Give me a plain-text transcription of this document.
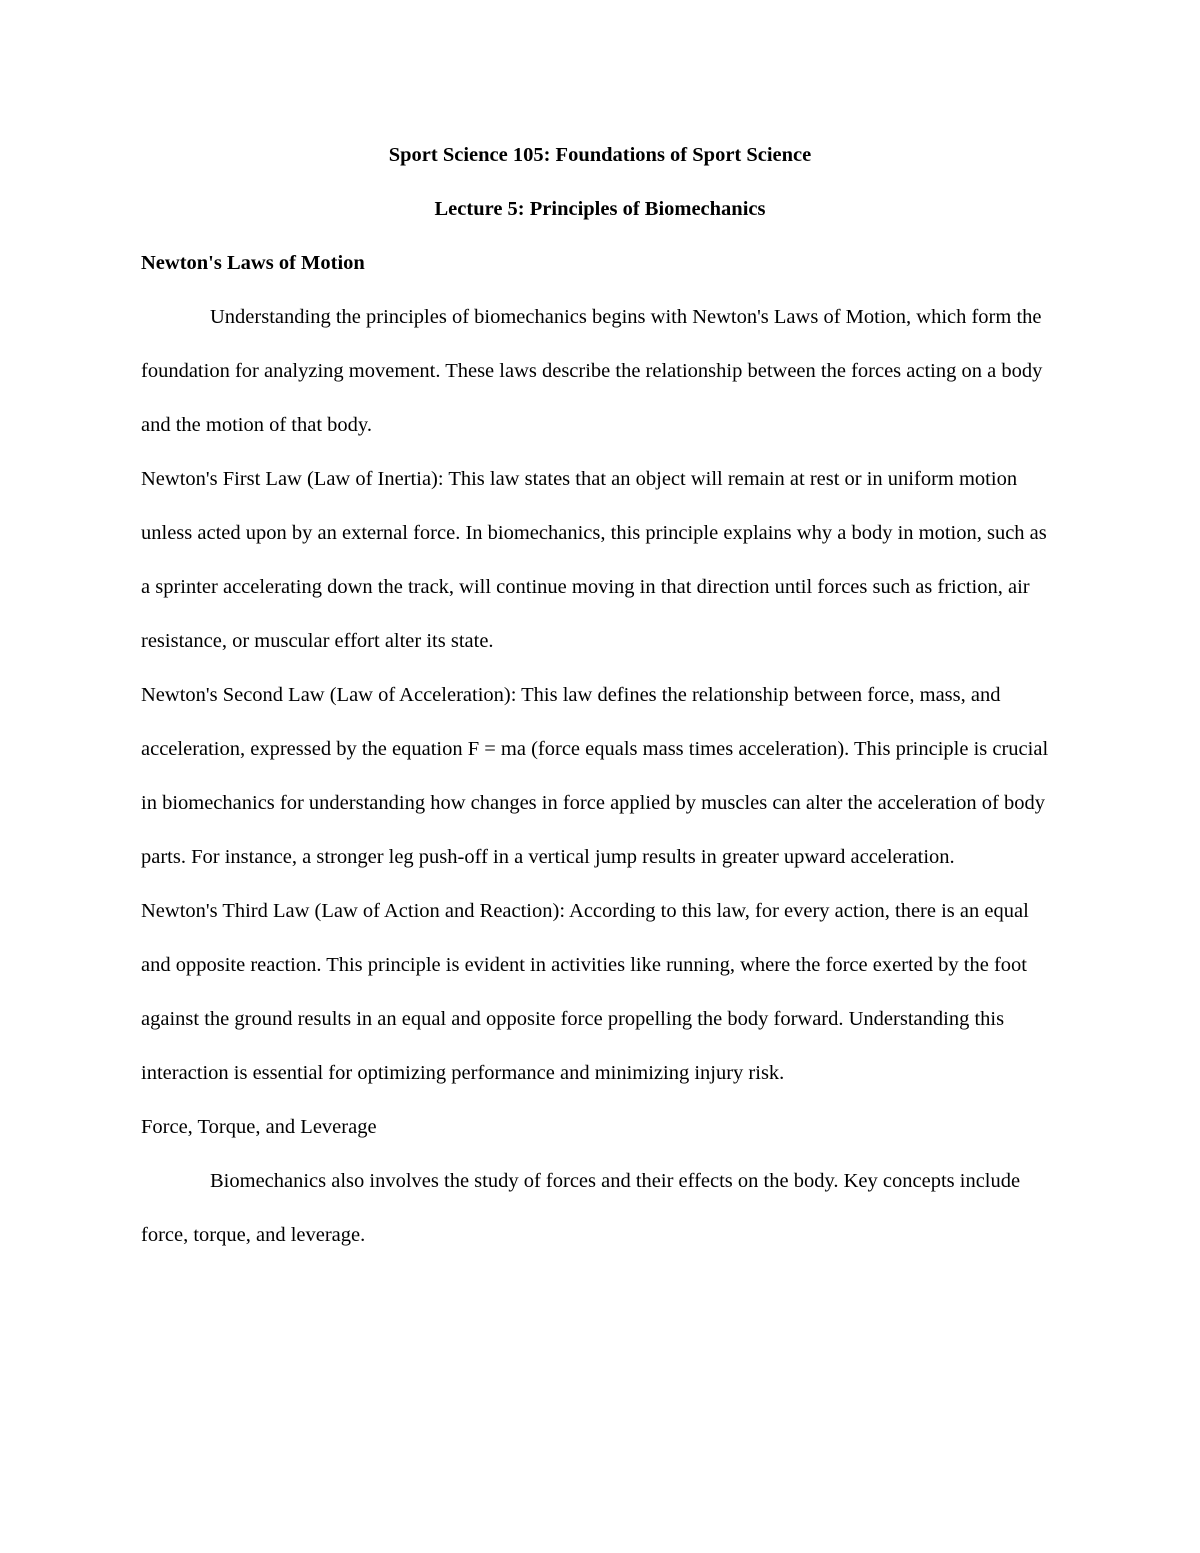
Sport Science 105: Foundations of Sport Science

Lecture 5: Principles of Biomechanics

Newton's Laws of Motion

Understanding the principles of biomechanics begins with Newton's Laws of Motion, which form the foundation for analyzing movement. These laws describe the relationship between the forces acting on a body and the motion of that body.

Newton's First Law (Law of Inertia): This law states that an object will remain at rest or in uniform motion unless acted upon by an external force. In biomechanics, this principle explains why a body in motion, such as a sprinter accelerating down the track, will continue moving in that direction until forces such as friction, air resistance, or muscular effort alter its state.

Newton's Second Law (Law of Acceleration): This law defines the relationship between force, mass, and acceleration, expressed by the equation F = ma (force equals mass times acceleration). This principle is crucial in biomechanics for understanding how changes in force applied by muscles can alter the acceleration of body parts. For instance, a stronger leg push-off in a vertical jump results in greater upward acceleration.

Newton's Third Law (Law of Action and Reaction): According to this law, for every action, there is an equal and opposite reaction. This principle is evident in activities like running, where the force exerted by the foot against the ground results in an equal and opposite force propelling the body forward. Understanding this interaction is essential for optimizing performance and minimizing injury risk.

Force, Torque, and Leverage

Biomechanics also involves the study of forces and their effects on the body. Key concepts include force, torque, and leverage.
